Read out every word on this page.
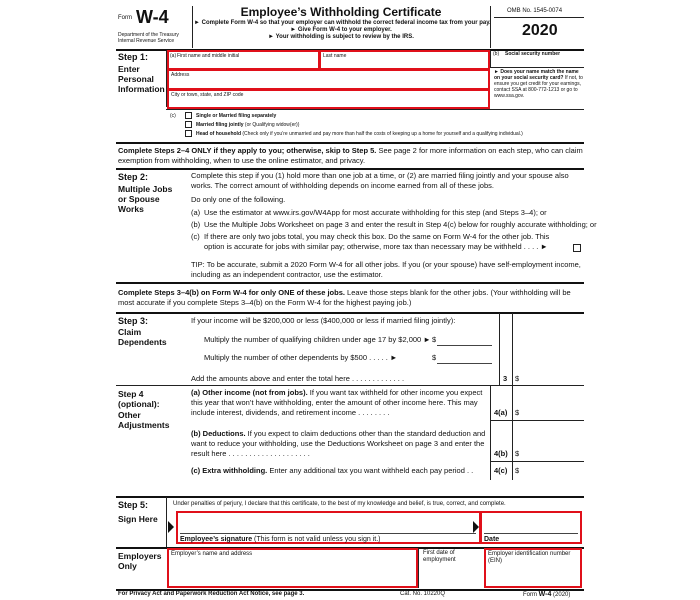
Form W-4
Department of the Treasury
Internal Revenue Service
Employee’s Withholding Certificate
► Complete Form W-4 so that your employer can withhold the correct federal income tax from your pay.
► Give Form W-4 to your employer.
► Your withholding is subject to review by the IRS.
OMB No. 1545-0074
2020
Step 1:
Enter Personal Information
(a) First name and middle initial	Last name	(b) Social security number
Address
City or town, state, and ZIP code
► Does your name match the name on your social security card? If not, to ensure you get credit for your earnings, contact SSA at 800-772-1213 or go to www.ssa.gov.
(c)	Single or Married filing separately
Married filing jointly (or Qualifying widow(er))
Head of household (Check only if you’re unmarried and pay more than half the costs of keeping up a home for yourself and a qualifying individual.)
Complete Steps 2–4 ONLY if they apply to you; otherwise, skip to Step 5. See page 2 for more information on each step, who can claim exemption from withholding, when to use the online estimator, and privacy.
Step 2:
Multiple Jobs or Spouse Works
Complete this step if you (1) hold more than one job at a time, or (2) are married filing jointly and your spouse also works. The correct amount of withholding depends on income earned from all of these jobs.
Do only one of the following.
(a) Use the estimator at www.irs.gov/W4App for most accurate withholding for this step (and Steps 3–4); or
(b) Use the Multiple Jobs Worksheet on page 3 and enter the result in Step 4(c) below for roughly accurate withholding; or
(c) If there are only two jobs total, you may check this box. Do the same on Form W-4 for the other job. This option is accurate for jobs with similar pay; otherwise, more tax than necessary may be withheld . . . . ►
TIP: To be accurate, submit a 2020 Form W-4 for all other jobs. If you (or your spouse) have self-employment income, including as an independent contractor, use the estimator.
Complete Steps 3–4(b) on Form W-4 for only ONE of these jobs. Leave those steps blank for the other jobs. (Your withholding will be most accurate if you complete Steps 3–4(b) on the Form W-4 for the highest paying job.)
Step 3:
Claim Dependents
If your income will be $200,000 or less ($400,000 or less if married filing jointly):
Multiply the number of qualifying children under age 17 by $2,000 ► $
Multiply the number of other dependents by $500 . . . . . ►	$
Add the amounts above and enter the total here . . . . . . . . . . . . .	3 $
Step 4 (optional):
Other Adjustments
(a) Other income (not from jobs). If you want tax withheld for other income you expect this year that won’t have withholding, enter the amount of other income here. This may include interest, dividends, and retirement income . . . . . . . .	4(a) $
(b) Deductions. If you expect to claim deductions other than the standard deduction and want to reduce your withholding, use the Deductions Worksheet on page 3 and enter the result here . . . . . . . . . . . . . . . . . . . .	4(b) $
(c) Extra withholding. Enter any additional tax you want withheld each pay period . .	4(c) $
Step 5:
Sign Here
Under penalties of perjury, I declare that this certificate, to the best of my knowledge and belief, is true, correct, and complete.
Employee’s signature (This form is not valid unless you sign it.)	Date
Employers Only
Employer’s name and address	First date of employment
Employer identification number (EIN)
For Privacy Act and Paperwork Reduction Act Notice, see page 3.	Cat. No. 10220Q	Form W-4 (2020)
